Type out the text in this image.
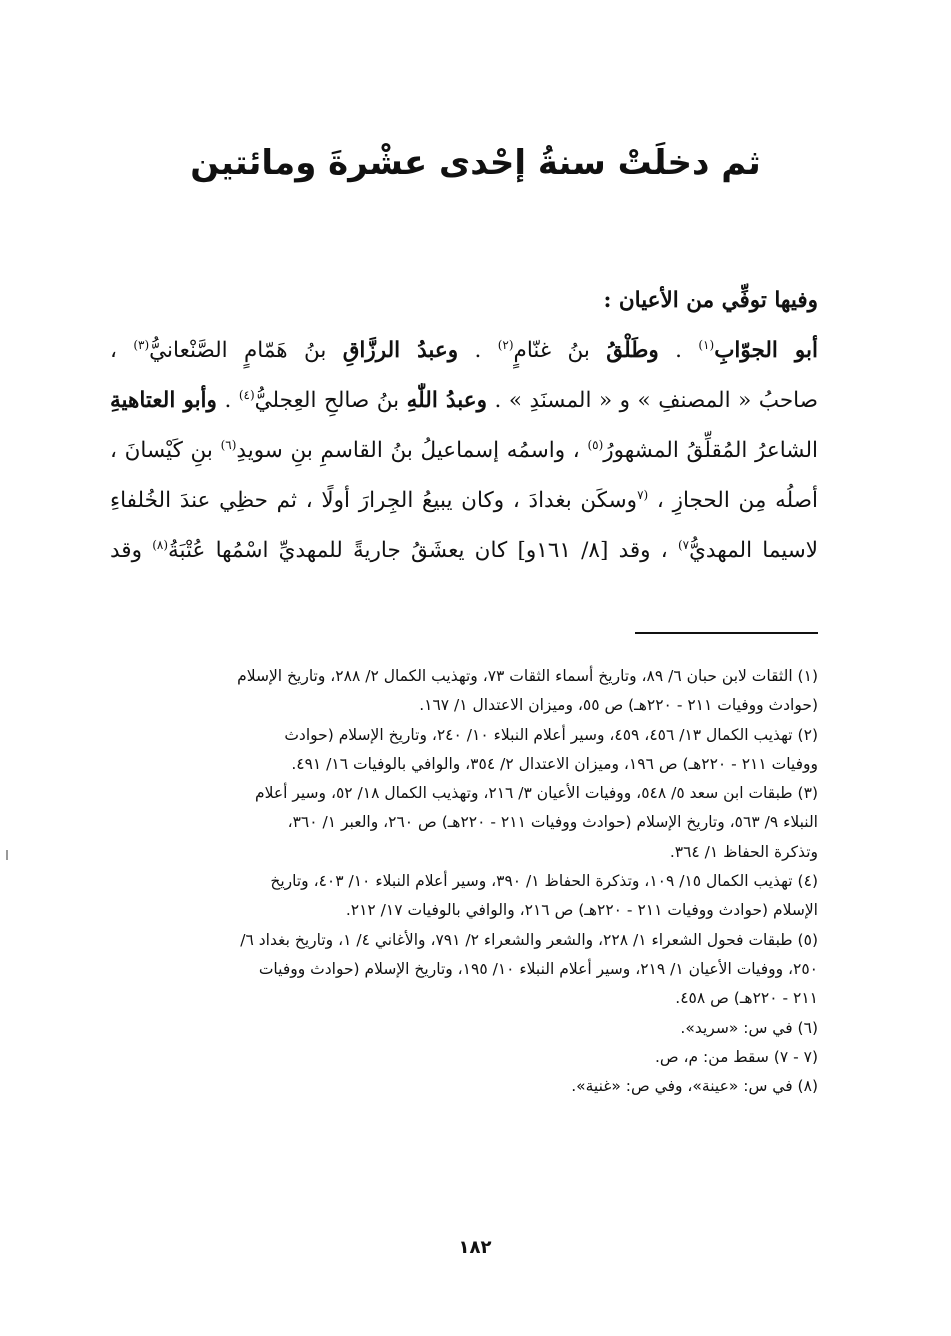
ثم دخلَتْ سنةُ إحْدى عشْرةَ ومائتين
وفيها توفِّي من الأعيان :
أبو الجوّابِ$^{(١)}$ . وطَلْقُ بنُ غنّامٍ$^{(٢)}$ . وعبدُ الرزَّاقِ بنُ هَمّامٍ الصَّنْعانيُّ$^{(٣)}$ ،
صاحبُ « المصنفِ » و « المسنَدِ » . وعبدُ اللّٰهِ بنُ صالحِ العِجليُّ$^{(٤)}$ . وأبو العتاهيةِ
الشاعرُ المُقلِّقُ المشهورُ$^{(٥)}$ ، واسمُه إسماعيلُ بنُ القاسمِ بنِ سويدِ$^{(٦)}$ بنِ كَيْسانَ ،
أصلُه مِن الحجازِ ، $^{(٧}$وسكَن بغدادَ ، وكان يبيعُ الجِرارَ أولًا ، ثم حظِي عندَ الخُلفاءِ
لاسيما المهديُّ$^{٧)}$ ، وقد [٨/ ١٦١و] كان يعشَقُ جاريةً للمهديِّ اسْمُها عُتْبَةُ$^{(٨)}$ وقد
(١) الثقات لابن حبان ٦/ ٨٩، وتاريخ أسماء الثقات ٧٣، وتهذيب الكمال ٢/ ٢٨٨، وتاريخ الإسلام
(حوادث ووفيات ٢١١ - ٢٢٠هـ) ص ٥٥، وميزان الاعتدال ١/ ١٦٧.
(٢) تهذيب الكمال ١٣/ ٤٥٦، ٤٥٩، وسير أعلام النبلاء ١٠/ ٢٤٠، وتاريخ الإسلام (حوادث
ووفيات ٢١١ - ٢٢٠هـ) ص ١٩٦، وميزان الاعتدال ٢/ ٣٥٤، والوافي بالوفيات ١٦/ ٤٩١.
(٣) طبقات ابن سعد ٥/ ٥٤٨، ووفيات الأعيان ٣/ ٢١٦، وتهذيب الكمال ١٨/ ٥٢، وسير أعلام
النبلاء ٩/ ٥٦٣، وتاريخ الإسلام (حوادث ووفيات ٢١١ - ٢٢٠هـ) ص ٢٦٠، والعبر ١/ ٣٦٠،
وتذكرة الحفاظ ١/ ٣٦٤.
(٤) تهذيب الكمال ١٥/ ١٠٩، وتذكرة الحفاظ ١/ ٣٩٠، وسير أعلام النبلاء ١٠/ ٤٠٣، وتاريخ
الإسلام (حوادث ووفيات ٢١١ - ٢٢٠هـ) ص ٢١٦، والوافي بالوفيات ١٧/ ٢١٢.
(٥) طبقات فحول الشعراء ١/ ٢٢٨، والشعر والشعراء ٢/ ٧٩١، والأغاني ٤/ ١، وتاريخ بغداد ٦/
٢٥٠، ووفيات الأعيان ١/ ٢١٩، وسير أعلام النبلاء ١٠/ ١٩٥، وتاريخ الإسلام (حوادث ووفيات
٢١١ - ٢٢٠هـ) ص ٤٥٨.
(٦) في س: «سريد».
(٧ - ٧) سقط من: م، ص.
(٨) في س: «عينة»، وفي ص: «غنية».
١٨٢
